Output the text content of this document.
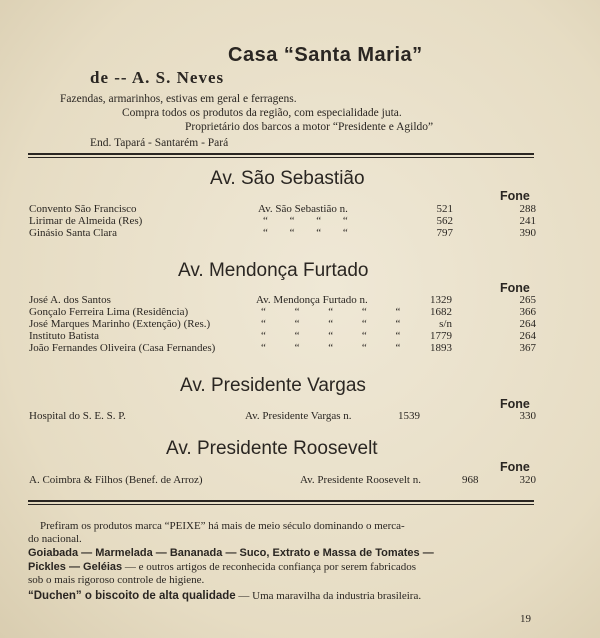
Casa “Santa Maria”
de -- A. S. Neves
Fazendas, armarinhos, estivas em geral e ferragens.
Compra todos os produtos da região, com especialidade juta.
Proprietário dos barcos a motor “Presidente e Agildo”
End. Tapará - Santarém - Pará
Av. São Sebastião
Fone
Convento São Francisco	Av. São Sebastião n.	521	288
Lirimar de Almeida (Res)	“ “ “ “	562	241
Ginásio Santa Clara	“ “ “ “	797	390
Av. Mendonça Furtado
Fone
José A. dos Santos	Av. Mendonça Furtado n.	1329	265
Gonçalo Ferreira Lima (Residência)	“ “ “ “ “	1682	366
José Marques Marinho (Extenção) (Res.)	“ “ “ “ “	s/n	264
Instituto Batista	“ “ “ “ “	1779	264
João Fernandes Oliveira (Casa Fernandes)	“ “ “ “ “	1893	367
Av. Presidente Vargas
Fone
Hospital do S. E. S. P.	Av. Presidente Vargas n.	1539	330
Av. Presidente Roosevelt
Fone
A. Coimbra & Filhos (Benef. de Arroz)	Av. Presidente Roosevelt n.	968	320
Prefiram os produtos marca “PEIXE” há mais de meio século dominando o merca-
do nacional.
Goiabada — Marmelada — Bananada — Suco, Extrato e Massa de Tomates —
Pickles — Geléias — e outros artigos de reconhecida confiança por serem fabricados
sob o mais rigoroso controle de higiene.
“Duchen” o biscoito de alta qualidade — Uma maravilha da industria brasileira.
19
